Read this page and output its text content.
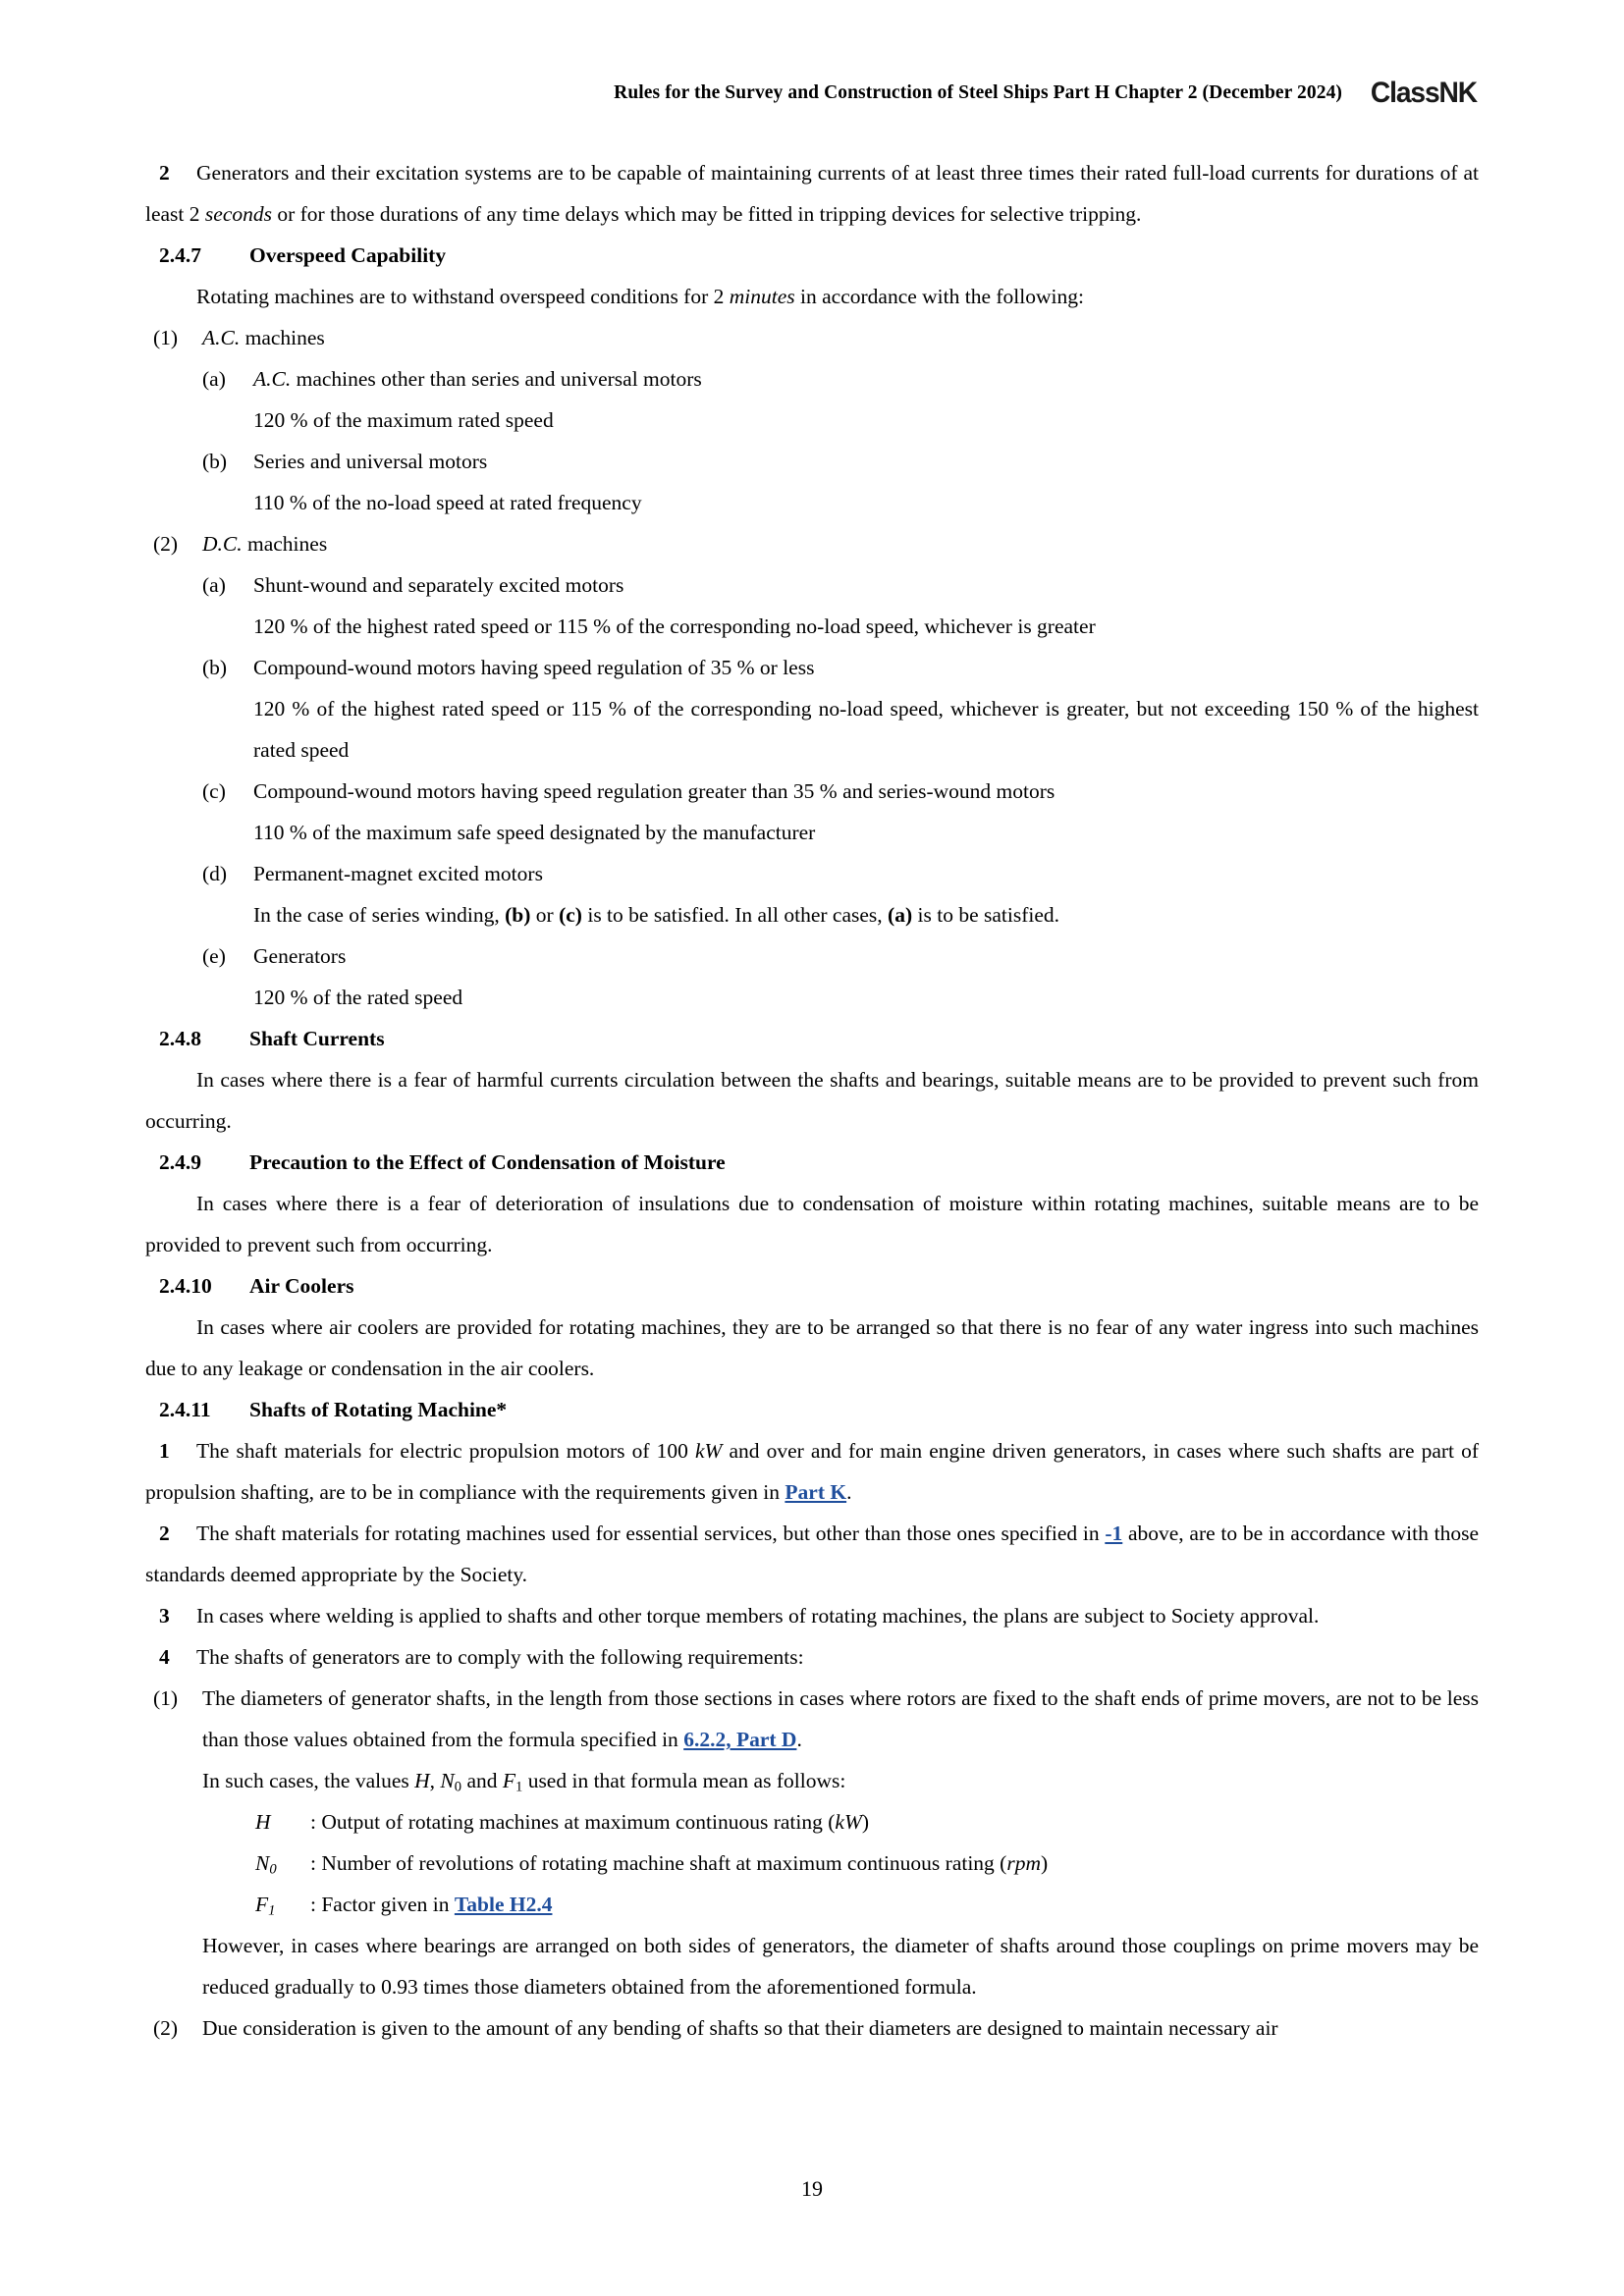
Rules for the Survey and Construction of Steel Ships Part H Chapter 2 (December 2024) ClassNK

2 Generators and their excitation systems are to be capable of maintaining currents of at least three times their rated full-load currents for durations of at least 2 seconds or for those durations of any time delays which may be fitted in tripping devices for selective tripping.

2.4.7 Overspeed Capability

Rotating machines are to withstand overspeed conditions for 2 minutes in accordance with the following:

(1)	A.C. machines

(a)	A.C. machines other than series and universal motors

120 % of the maximum rated speed

(b)	Series and universal motors

110 % of the no-load speed at rated frequency

(2)	D.C. machines

(a)	Shunt-wound and separately excited motors

120 % of the highest rated speed or 115 % of the corresponding no-load speed, whichever is greater

(b)	Compound-wound motors having speed regulation of 35 % or less

120 % of the highest rated speed or 115 % of the corresponding no-load speed, whichever is greater, but not exceeding 150 % of the highest rated speed

(c)	Compound-wound motors having speed regulation greater than 35 % and series-wound motors

110 % of the maximum safe speed designated by the manufacturer

(d)	Permanent-magnet excited motors

In the case of series winding, (b) or (c) is to be satisfied. In all other cases, (a) is to be satisfied.

(e)	Generators

120 % of the rated speed

2.4.8 Shaft Currents

In cases where there is a fear of harmful currents circulation between the shafts and bearings, suitable means are to be provided to prevent such from occurring.

2.4.9 Precaution to the Effect of Condensation of Moisture

In cases where there is a fear of deterioration of insulations due to condensation of moisture within rotating machines, suitable means are to be provided to prevent such from occurring.

2.4.10 Air Coolers

In cases where air coolers are provided for rotating machines, they are to be arranged so that there is no fear of any water ingress into such machines due to any leakage or condensation in the air coolers.

2.4.11 Shafts of Rotating Machine*

1 The shaft materials for electric propulsion motors of 100 kW and over and for main engine driven generators, in cases where such shafts are part of propulsion shafting, are to be in compliance with the requirements given in Part K.

2 The shaft materials for rotating machines used for essential services, but other than those ones specified in -1 above, are to be in accordance with those standards deemed appropriate by the Society.

3 In cases where welding is applied to shafts and other torque members of rotating machines, the plans are subject to Society approval.

4 The shafts of generators are to comply with the following requirements:

(1)	The diameters of generator shafts, in the length from those sections in cases where rotors are fixed to the shaft ends of prime movers, are not to be less than those values obtained from the formula specified in 6.2.2, Part D.

In such cases, the values H, $N_0$ and $F_1$ used in that formula mean as follows:

H	: Output of rotating machines at maximum continuous rating (kW)

$N_0$	: Number of revolutions of rotating machine shaft at maximum continuous rating (rpm)

$F_1$	: Factor given in Table H2.4

However, in cases where bearings are arranged on both sides of generators, the diameter of shafts around those couplings on prime movers may be reduced gradually to 0.93 times those diameters obtained from the aforementioned formula.

(2)	Due consideration is given to the amount of any bending of shafts so that their diameters are designed to maintain necessary air

19
